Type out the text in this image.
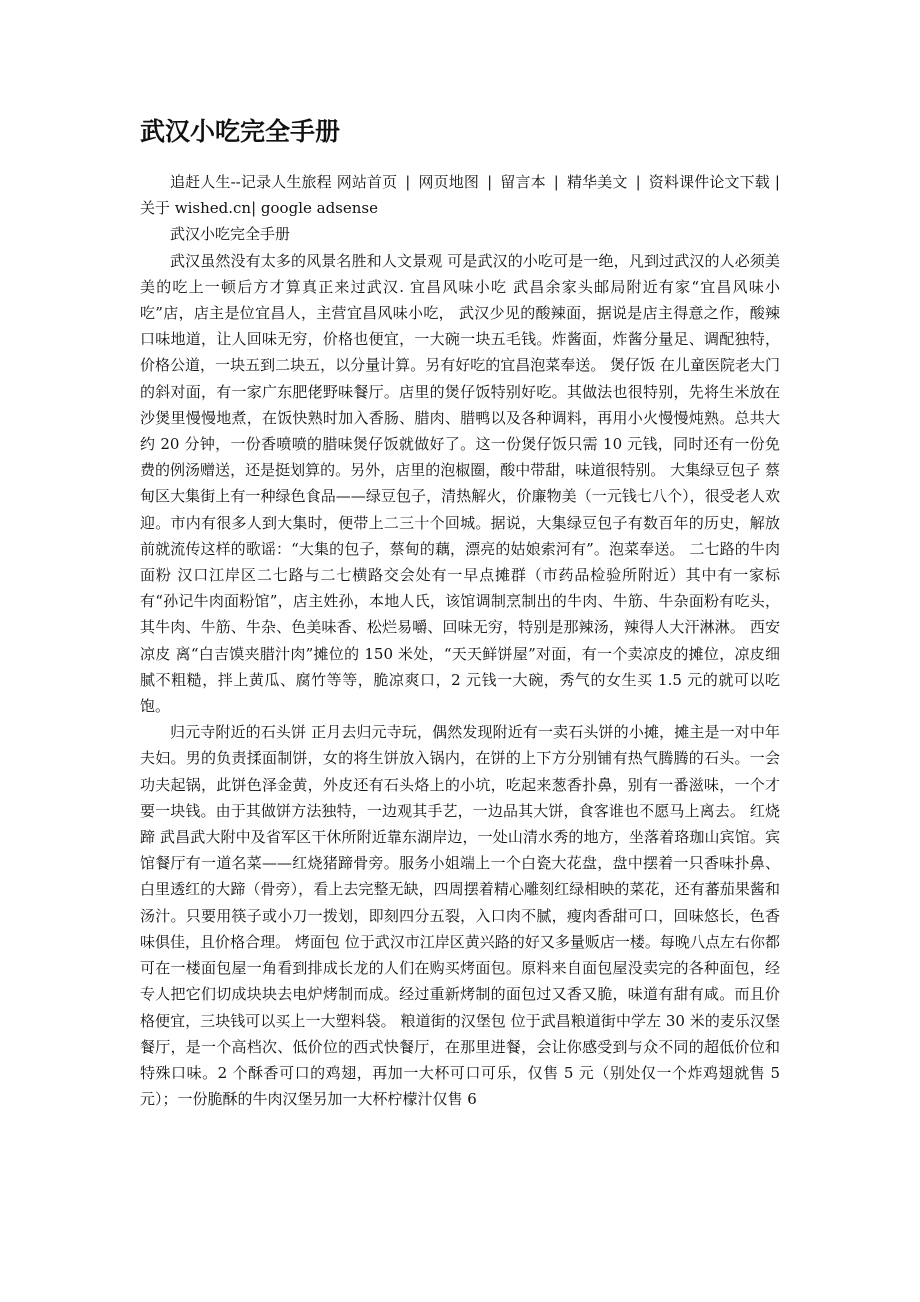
武汉小吃完全手册

追赶人生--记录人生旅程 网站首页 | 网页地图 | 留言本 | 精华美文 | 资料课件论文下载 |关于 wished.cn| google adsense

武汉小吃完全手册

武汉虽然没有太多的风景名胜和人文景观 可是武汉的小吃可是一绝，凡到过武汉的人必须美美的吃上一顿后方才算真正来过武汉. 宜昌风味小吃 武昌余家头邮局附近有家“宜昌风味小吃”店，店主是位宜昌人，主营宜昌风味小吃， 武汉少见的酸辣面，据说是店主得意之作，酸辣口味地道，让人回味无穷，价格也便宜，一大碗一块五毛钱。炸酱面，炸酱分量足、调配独特，价格公道，一块五到二块五，以分量计算。另有好吃的宜昌泡菜奉送。 煲仔饭 在儿童医院老大门的斜对面，有一家广东肥佬野味餐厅。店里的煲仔饭特别好吃。其做法也很特别，先将生米放在沙煲里慢慢地煮，在饭快熟时加入香肠、腊肉、腊鸭以及各种调料，再用小火慢慢炖熟。总共大约 20 分钟，一份香喷喷的腊味煲仔饭就做好了。这一份煲仔饭只需 10 元钱，同时还有一份免费的例汤赠送，还是挺划算的。另外，店里的泡椒圈，酸中带甜，味道很特别。 大集绿豆包子 蔡甸区大集街上有一种绿色食品——绿豆包子，清热解火，价廉物美（一元钱七八个），很受老人欢迎。市内有很多人到大集时，便带上二三十个回城。据说，大集绿豆包子有数百年的历史，解放前就流传这样的歌谣：“大集的包子，蔡甸的藕，漂亮的姑娘索河有”。泡菜奉送。 二七路的牛肉面粉 汉口江岸区二七路与二七横路交会处有一早点摊群（市药品检验所附近）其中有一家标有“孙记牛肉面粉馆”，店主姓孙，本地人氏，该馆调制烹制出的牛肉、牛筋、牛杂面粉有吃头，其牛肉、牛筋、牛杂、色美味香、松烂易嚼、回味无穷，特别是那辣汤，辣得人大汗淋淋。 西安凉皮 离“白吉馍夹腊汁肉”摊位的 150 米处，“天天鲜饼屋”对面，有一个卖凉皮的摊位，凉皮细腻不粗糙，拌上黄瓜、腐竹等等，脆凉爽口，2 元钱一大碗，秀气的女生买 1.5 元的就可以吃饱。

归元寺附近的石头饼 正月去归元寺玩，偶然发现附近有一卖石头饼的小摊，摊主是一对中年夫妇。男的负责揉面制饼，女的将生饼放入锅内，在饼的上下方分别铺有热气腾腾的石头。一会功夫起锅，此饼色泽金黄，外皮还有石头烙上的小坑，吃起来葱香扑鼻，别有一番滋味，一个才要一块钱。由于其做饼方法独特，一边观其手艺，一边品其大饼，食客谁也不愿马上离去。 红烧蹄 武昌武大附中及省军区干休所附近靠东湖岸边，一处山清水秀的地方，坐落着珞珈山宾馆。宾馆餐厅有一道名菜——红烧猪蹄骨旁。服务小姐端上一个白瓷大花盘，盘中摆着一只香味扑鼻、白里透红的大蹄（骨旁），看上去完整无缺，四周摆着精心雕刻红绿相映的菜花，还有蕃茄果酱和汤汁。只要用筷子或小刀一拨划，即刻四分五裂，入口肉不腻，瘦肉香甜可口，回味悠长，色香味俱佳，且价格合理。 烤面包 位于武汉市江岸区黄兴路的好又多量贩店一楼。每晚八点左右你都可在一楼面包屋一角看到排成长龙的人们在购买烤面包。原料来自面包屋没卖完的各种面包，经专人把它们切成块块去电炉烤制而成。经过重新烤制的面包过又香又脆，味道有甜有咸。而且价格便宜，三块钱可以买上一大塑料袋。 粮道街的汉堡包 位于武昌粮道街中学左 30 米的麦乐汉堡餐厅，是一个高档次、低价位的西式快餐厅，在那里进餐，会让你感受到与众不同的超低价位和特殊口味。2 个酥香可口的鸡翅，再加一大杯可口可乐，仅售 5 元（别处仅一个炸鸡翅就售 5 元）；一份脆酥的牛肉汉堡另加一大杯柠檬汁仅售 6
